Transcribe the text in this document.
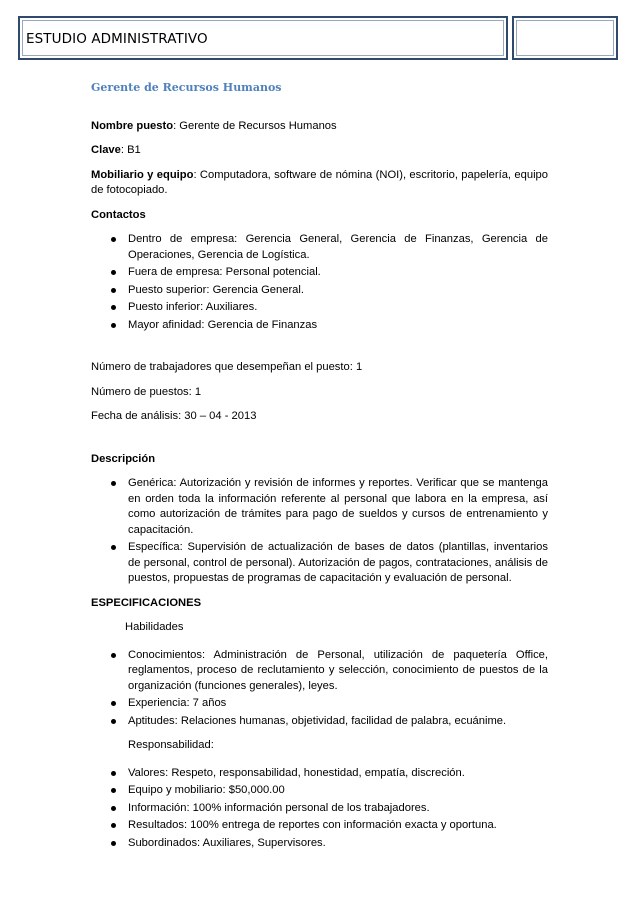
ESTUDIO ADMINISTRATIVO
Gerente de Recursos Humanos

Nombre puesto: Gerente de Recursos Humanos

Clave: B1

Mobiliario y equipo: Computadora, software de nómina (NOI), escritorio, papelería, equipo de fotocopiado.

Contactos

Dentro de empresa: Gerencia General, Gerencia de Finanzas, Gerencia de Operaciones, Gerencia de Logística.
Fuera de empresa: Personal potencial.
Puesto superior: Gerencia General.
Puesto inferior: Auxiliares.
Mayor afinidad: Gerencia de Finanzas

Número de trabajadores que desempeñan el puesto: 1

Número de puestos: 1

Fecha de análisis: 30 – 04 - 2013

Descripción

Genérica: Autorización y revisión de informes y reportes. Verificar que se mantenga en orden toda la información referente al personal que labora en la empresa, así como autorización de trámites para pago de sueldos y cursos de entrenamiento y capacitación.
Específica: Supervisión de actualización de bases de datos (plantillas, inventarios de personal, control de personal). Autorización de pagos, contrataciones, análisis de puestos, propuestas de programas de capacitación y evaluación de personal.

ESPECIFICACIONES

Habilidades
Conocimientos: Administración de Personal, utilización de paquetería Office, reglamentos, proceso de reclutamiento y selección, conocimiento de puestos de la organización (funciones generales), leyes.
Experiencia: 7 años
Aptitudes: Relaciones humanas, objetividad, facilidad de palabra, ecuánime.
Responsabilidad:
Valores: Respeto, responsabilidad, honestidad, empatía, discreción.
Equipo y mobiliario: $50,000.00
Información: 100% información personal de los trabajadores.
Resultados: 100% entrega de reportes con información exacta y oportuna.
Subordinados: Auxiliares, Supervisores.
